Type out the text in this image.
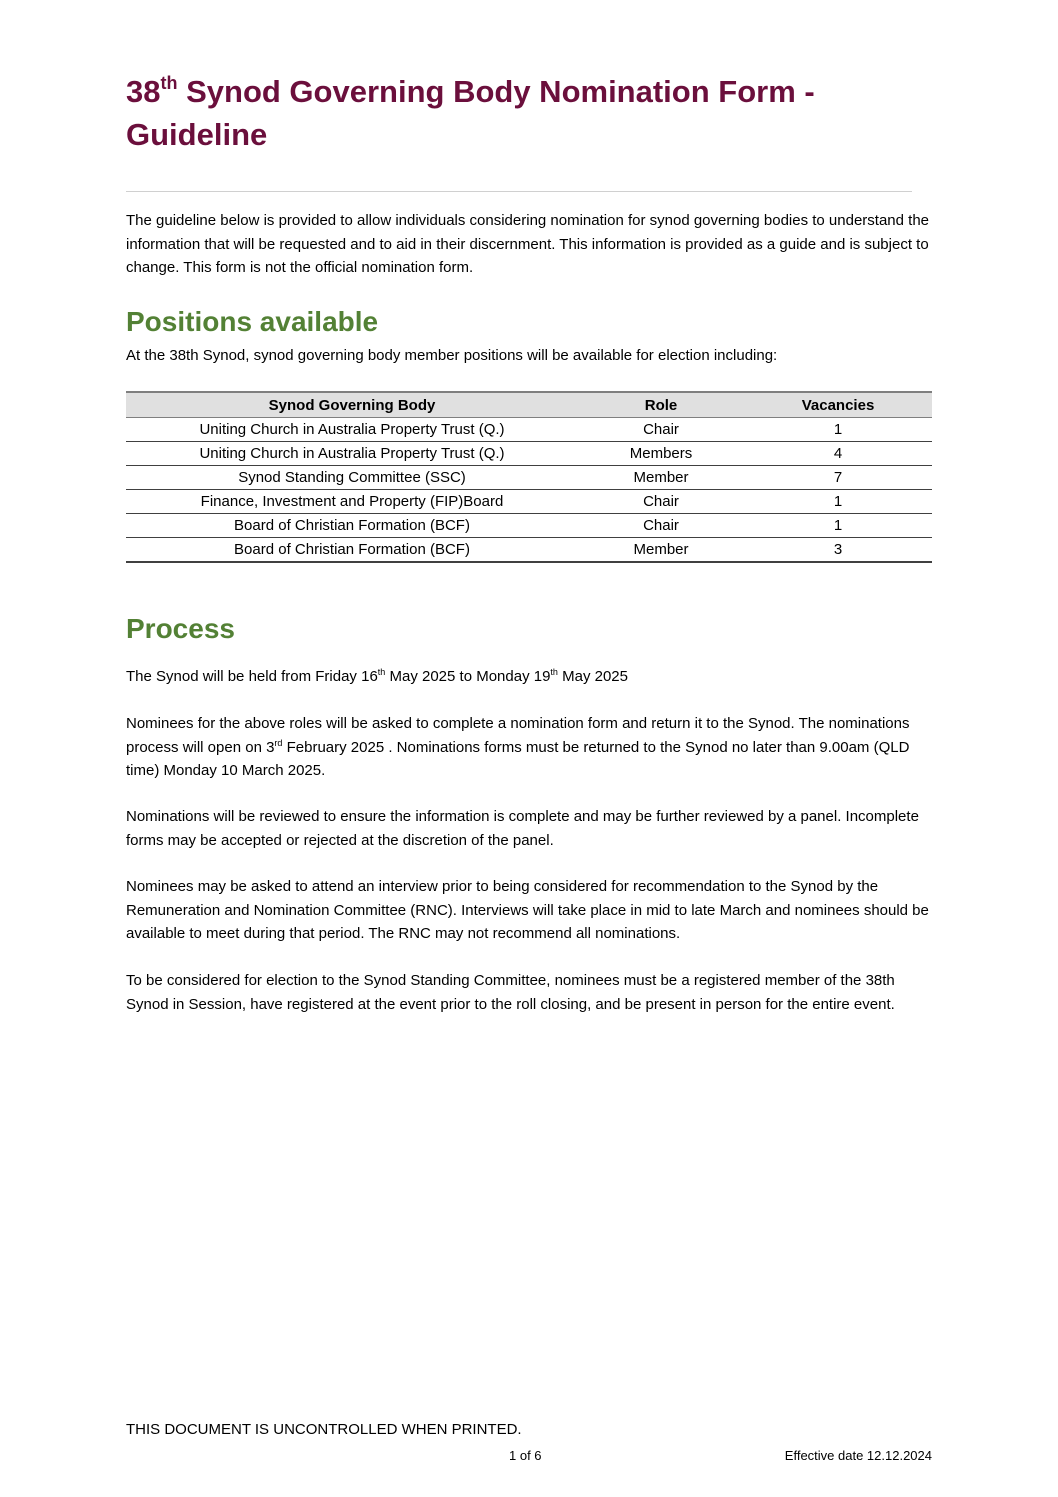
38th Synod Governing Body Nomination Form - Guideline

The guideline below is provided to allow individuals considering nomination for synod governing bodies to understand the information that will be requested and to aid in their discernment. This information is provided as a guide and is subject to change. This form is not the official nomination form.

Positions available

At the 38th Synod, synod governing body member positions will be available for election including:

Synod Governing Body	Role	Vacancies
Uniting Church in Australia Property Trust (Q.)	Chair	1
Uniting Church in Australia Property Trust (Q.)	Members	4
Synod Standing Committee (SSC)	Member	7
Finance, Investment and Property (FIP)Board	Chair	1
Board of Christian Formation (BCF)	Chair	1
Board of Christian Formation (BCF)	Member	3
Process

The Synod will be held from Friday 16th May 2025 to Monday 19th May 2025

Nominees for the above roles will be asked to complete a nomination form and return it to the Synod. The nominations process will open on 3rd February 2025 . Nominations forms must be returned to the Synod no later than 9.00am (QLD time) Monday 10 March 2025.

Nominations will be reviewed to ensure the information is complete and may be further reviewed by a panel. Incomplete forms may be accepted or rejected at the discretion of the panel.

Nominees may be asked to attend an interview prior to being considered for recommendation to the Synod by the Remuneration and Nomination Committee (RNC). Interviews will take place in mid to late March and nominees should be available to meet during that period. The RNC may not recommend all nominations.

To be considered for election to the Synod Standing Committee, nominees must be a registered member of the 38th Synod in Session, have registered at the event prior to the roll closing, and be present in person for the entire event.

THIS DOCUMENT IS UNCONTROLLED WHEN PRINTED.

1 of 6	Effective date 12.12.2024
